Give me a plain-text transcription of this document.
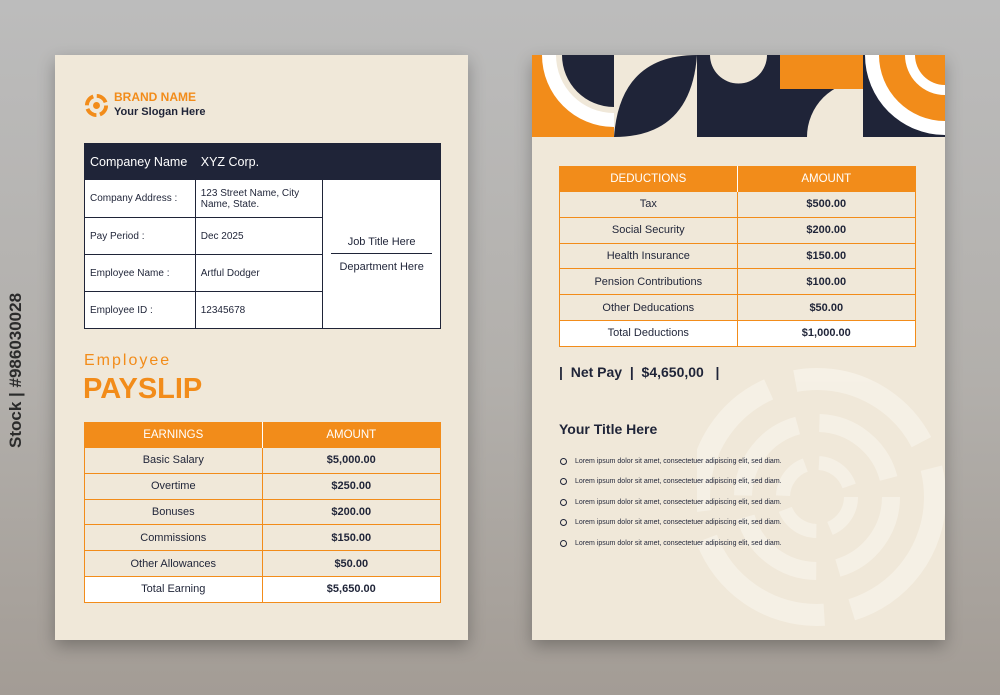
Stock | #986030028
BRAND NAME
Your Slogan Here
Companey Name	XYZ Corp.	
Company Address :	123 Street Name, City Name, State.	Job Title Here
Department Here
Pay Period :	Dec 2025	
Employee Name :	Artful Dodger	
Employee ID :	12345678	
Employee
PAYSLIP
EARNINGS	AMOUNT
Basic Salary	$5,000.00
Overtime	$250.00
Bonuses	$200.00
Commissions	$150.00
Other Allowances	$50.00
Total Earning	$5,650.00
DEDUCTIONS	AMOUNT
Tax	$500.00
Social Security	$200.00
Health Insurance	$150.00
Pension Contributions	$100.00
Other Deducations	$50.00
Total Deductions	$1,000.00
|  Net Pay  |  $4,650,00   |
Your Title Here
Lorem ipsum dolor sit amet, consectetuer adipiscing elit, sed diam.
Lorem ipsum dolor sit amet, consectetuer adipiscing elit, sed diam.
Lorem ipsum dolor sit amet, consectetuer adipiscing elit, sed diam.
Lorem ipsum dolor sit amet, consectetuer adipiscing elit, sed diam.
Lorem ipsum dolor sit amet, consectetuer adipiscing elit, sed diam.
